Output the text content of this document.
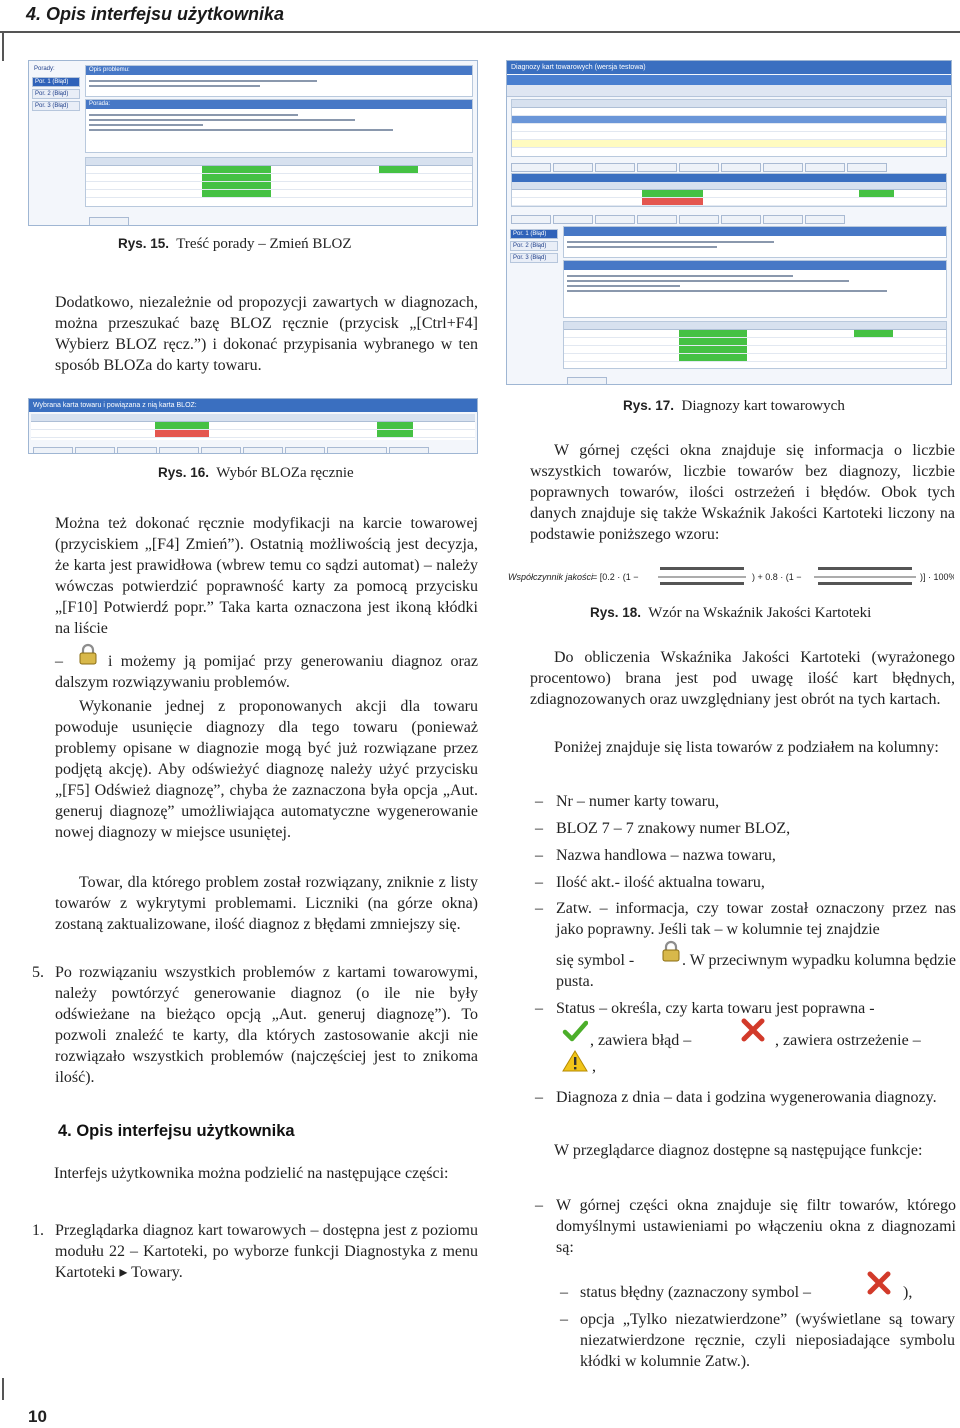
4. Opis interfejsu użytkownika
Porady:
Por. 1 (Błąd)
Por. 2 (Błąd)
Por. 3 (Błąd)
Opis problemu:
Porada:
Rys. 15. Treść porady – Zmień BLOZ
Dodatkowo, niezależnie od propozycji zawartych w diagnozach, można przeszukać bazę BLOZ ręcznie (przycisk „[Ctrl+F4] Wybierz BLOZ ręcz.”) i dokonać przypisania wybranego w ten sposób BLOZa do karty towaru.
Wybrana karta towaru i powiązana z nią karta BLOZ:
Rys. 16. Wybór BLOZa ręcznie
Można też dokonać ręcznie modyfikacji na karcie towarowej (przyciskiem „[F4] Zmień”). Ostatnią możliwością jest decyzja, że karta jest prawidłowa (wbrew temu co sądzi automat) – należy wówczas potwierdzić poprawność karty za pomocą przycisku „[F10] Potwierdź popr.” Taka karta oznaczona jest ikoną kłódki na liście
–	i możemy ją pomijać przy generowaniu diagnoz oraz dalszym rozwiązywaniu problemów.
Wykonanie jednej z proponowanych akcji dla towaru powoduje usunięcie diagnozy dla tego towaru (ponieważ problemy opisane w diagnozie mogą być już rozwiązane przez podjętą akcję). Aby odświeżyć diagnozę należy użyć przycisku „[F5] Odśwież diagnozę”, chyba że zaznaczona była opcja „Aut. generuj diagnozę” umożliwiająca automatyczne wygenerowanie nowej diagnozy w miejsce usuniętej.
Towar, dla którego problem został rozwiązany, zniknie z listy towarów z wykrytymi problemami. Liczniki (na górze okna) zostaną zaktualizowane, ilość diagnoz z błędami zmniejszy się.
5. Po rozwiązaniu wszystkich problemów z kartami towarowymi, należy powtórzyć generowanie diagnoz (o ile nie były odświeżane na bieżąco opcją „Aut. generuj diagnozę”). To pozwoli znaleźć te karty, dla których zastosowanie akcji nie rozwiązało wszystkich problemów (najczęściej jest to znikoma ilość).
4. Opis interfejsu użytkownika
Interfejs użytkownika można podzielić na następujące części:
1. Przeglądarka diagnoz kart towarowych – dostępna jest z poziomu modułu 22 – Kartoteki, po wyborze funkcji Diagnostyka z menu Kartoteki ▸ Towary.
10
Diagnozy kart towarowych (wersja testowa)
Por. 1 (Błąd)
Por. 2 (Błąd)
Por. 3 (Błąd)
Rys. 17. Diagnozy kart towarowych
W górnej części okna znajduje się informacja o liczbie wszystkich towarów, liczbie towarów bez diagnozy, liczbie poprawnych towarów, ilości ostrzeżeń i błędów. Obok tych danych znajduje się także Wskaźnik Jakości Kartoteki liczony na podstawie poniższego wzoru:
Współczynnik jakości
= [0.2 · (1 −	) + 0.8 · (1 −	)] · 100%
Rys. 18. Wzór na Wskaźnik Jakości Kartoteki
Do obliczenia Wskaźnika Jakości Kartoteki (wyrażonego procentowo) brana jest pod uwagę ilość kart błędnych, zdiagnozowanych oraz uwzględniany jest obrót na tych kartach.
Poniżej znajduje się lista towarów z podziałem na kolumny:
– Nr – numer karty towaru,
– BLOZ 7 – 7 znakowy numer BLOZ,
– Nazwa handlowa – nazwa towaru,
– Ilość akt.- ilość aktualna towaru,
– Zatw. – informacja, czy towar został oznaczony przez nas jako poprawny. Jeśli tak – w kolumnie tej znajdzie
się symbol -	. W przeciwnym wypadku kolumna będzie pusta.
– Status – określa, czy karta towaru jest poprawna -
, zawiera błąd –	, zawiera ostrzeżenie –
,
– Diagnoza z dnia – data i godzina wygenerowania diagnozy.
W przeglądarce diagnoz dostępne są następujące funkcje:
– W górnej części okna znajduje się filtr towarów, którego domyślnymi ustawieniami po włączeniu okna z diagnozami są:
– status błędny (zaznaczony symbol –	),
– opcja „Tylko niezatwierdzone” (wyświetlane są towary niezatwierdzone ręcznie, czyli nieposiadające symbolu kłódki w kolumnie Zatw.).
